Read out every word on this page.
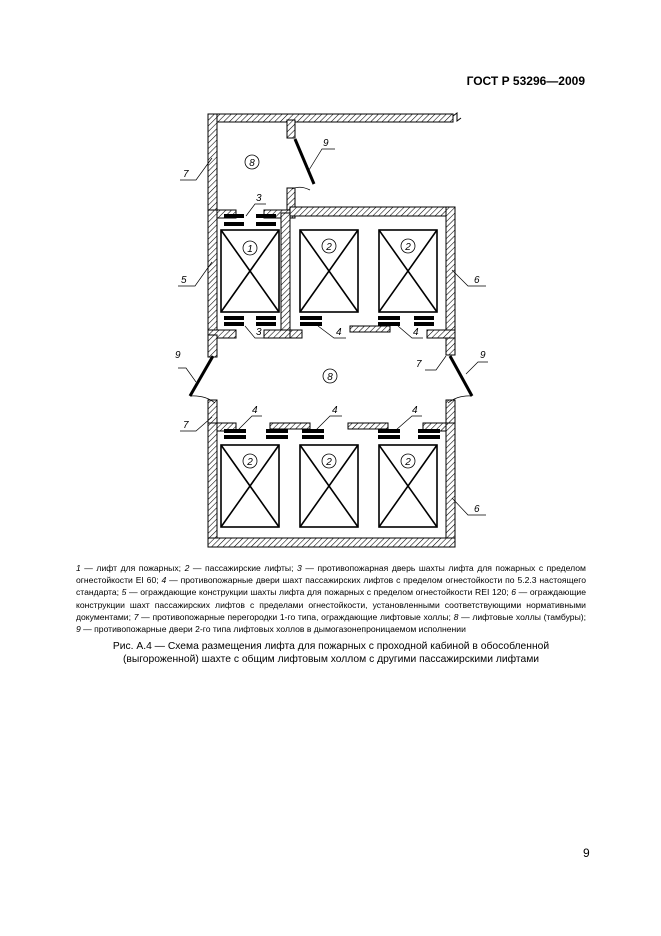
ГОСТ Р 53296—2009
8
1	2	2
8
2	2	2
7
5
7
9
9
3
3	4	4
4	4	4
6
6
7
9

1 — лифт для пожарных; 2 — пассажирские лифты; 3 — противопожарная дверь шахты лифта для пожарных с пределом огнестойкости EI 60; 4 — противопожарные двери шахт пассажирских лифтов с пределом огнестойкости по 5.2.3 настоящего стандарта; 5 — ограждающие конструкции шахты лифта для пожарных с пределом огнестойкости REI 120; 6 — ограждающие конструкции шахт пассажирских лифтов с пределами огнестойкости, установленными соответствующими нормативными документами; 7 — противопожарные перегородки 1-го типа, ограждающие лифтовые холлы; 8 — лифтовые холлы (тамбуры); 9 — противопожарные двери 2-го типа лифтовых холлов в дымогазонепроницаемом исполнении

Рис. А.4 — Схема размещения лифта для пожарных с проходной кабиной в обособленной (выгороженной) шахте с общим лифтовым холлом с другими пассажирскими лифтами
9
